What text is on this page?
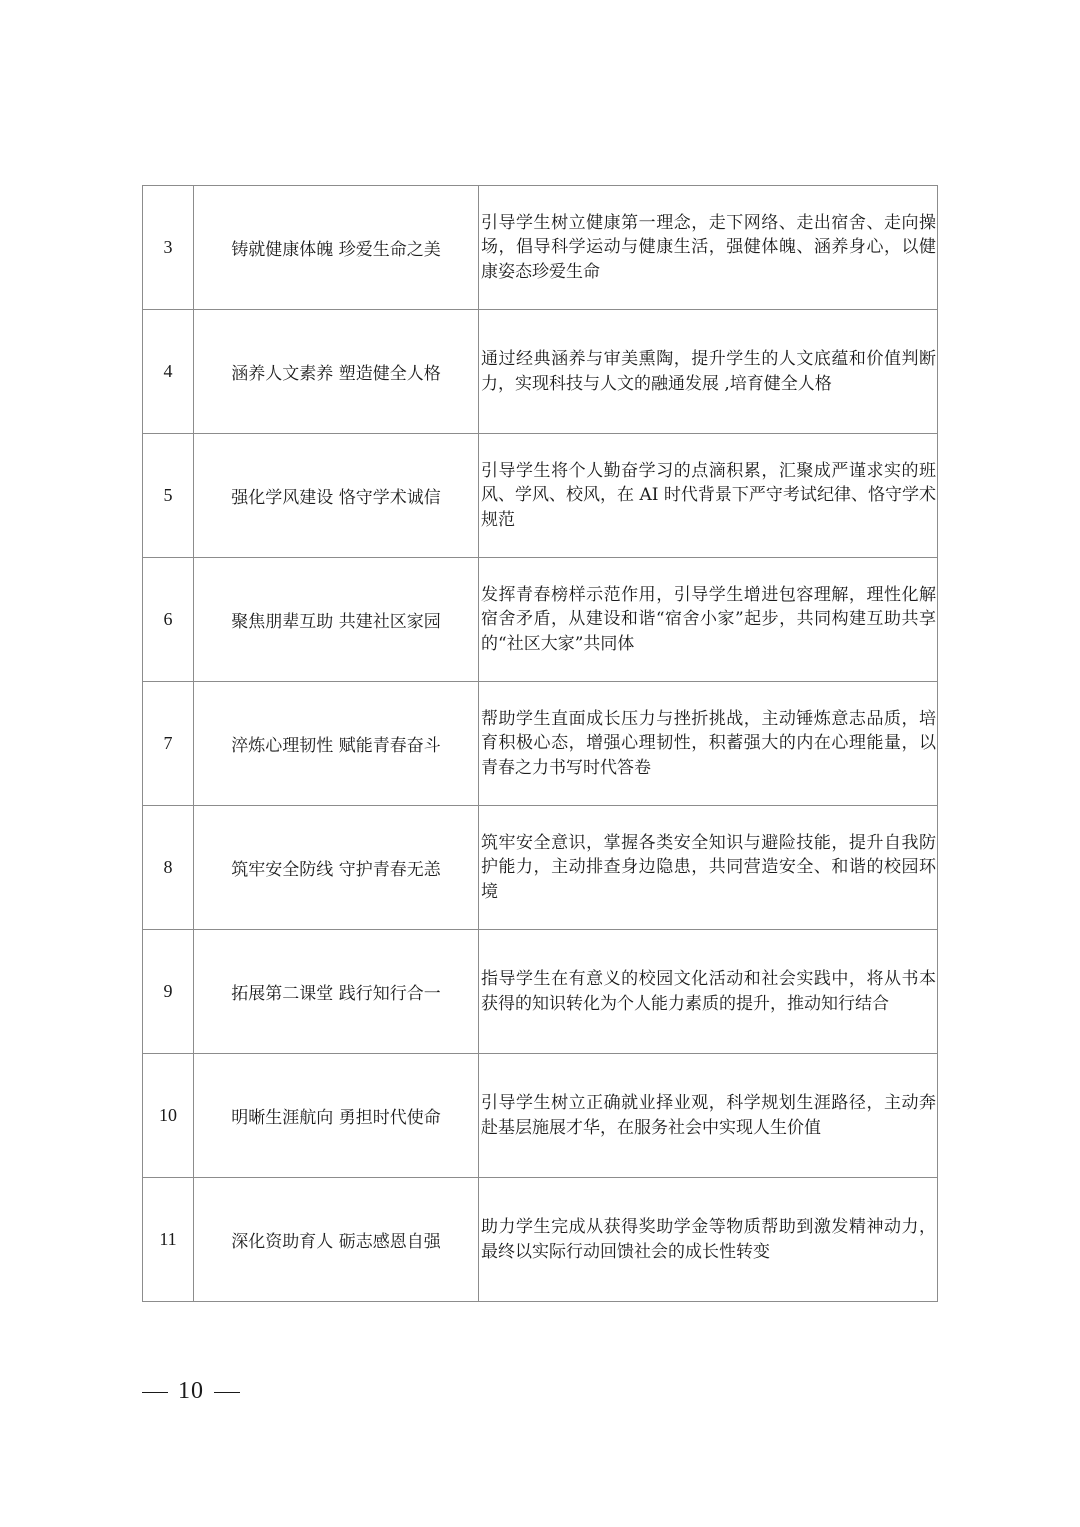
3	铸就健康体魄 珍爱生命之美	引导学生树立健康第一理念，走下网络、走出宿舍、走向操场，倡导科学运动与健康生活，强健体魄、涵养身心，以健康姿态珍爱生命
4	涵养人文素养 塑造健全人格	通过经典涵养与审美熏陶，提升学生的人文底蕴和价值判断力，实现科技与人文的融通发展 ,培育健全人格
5	强化学风建设 恪守学术诚信	引导学生将个人勤奋学习的点滴积累，汇聚成严谨求实的班风、学风、校风，在 AI 时代背景下严守考试纪律、恪守学术规范
6	聚焦朋辈互助 共建社区家园	发挥青春榜样示范作用，引导学生增进包容理解，理性化解宿舍矛盾，从建设和谐“宿舍小家”起步，共同构建互助共享的“社区大家”共同体
7	淬炼心理韧性 赋能青春奋斗	帮助学生直面成长压力与挫折挑战，主动锤炼意志品质，培育积极心态，增强心理韧性，积蓄强大的内在心理能量，以青春之力书写时代答卷
8	筑牢安全防线 守护青春无恙	筑牢安全意识，掌握各类安全知识与避险技能，提升自我防护能力，主动排查身边隐患，共同营造安全、和谐的校园环境
9	拓展第二课堂 践行知行合一	指导学生在有意义的校园文化活动和社会实践中，将从书本获得的知识转化为个人能力素质的提升，推动知行结合
10	明晰生涯航向 勇担时代使命	引导学生树立正确就业择业观，科学规划生涯路径，主动奔赴基层施展才华，在服务社会中实现人生价值
11	深化资助育人 砺志感恩自强	助力学生完成从获得奖助学金等物质帮助到激发精神动力，最终以实际行动回馈社会的成长性转变
10
